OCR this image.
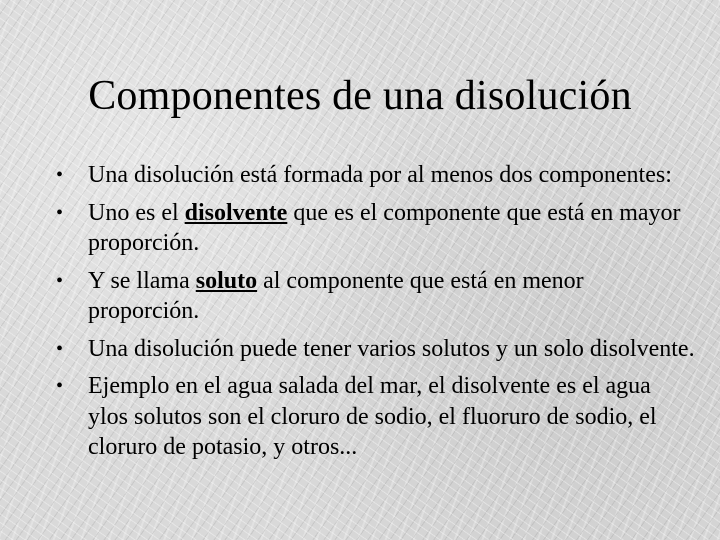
Componentes de una disolución
•	Una disolución está formada por al menos dos componentes:
•	Uno es el disolvente que es el componente que está en mayor proporción.
•	Y se llama soluto al componente que está en menor proporción.
•	Una disolución puede tener varios solutos y un solo disolvente.
•	Ejemplo en el agua salada del mar, el disolvente es el agua ylos solutos son el cloruro de sodio, el fluoruro de sodio, el cloruro de potasio, y otros...
